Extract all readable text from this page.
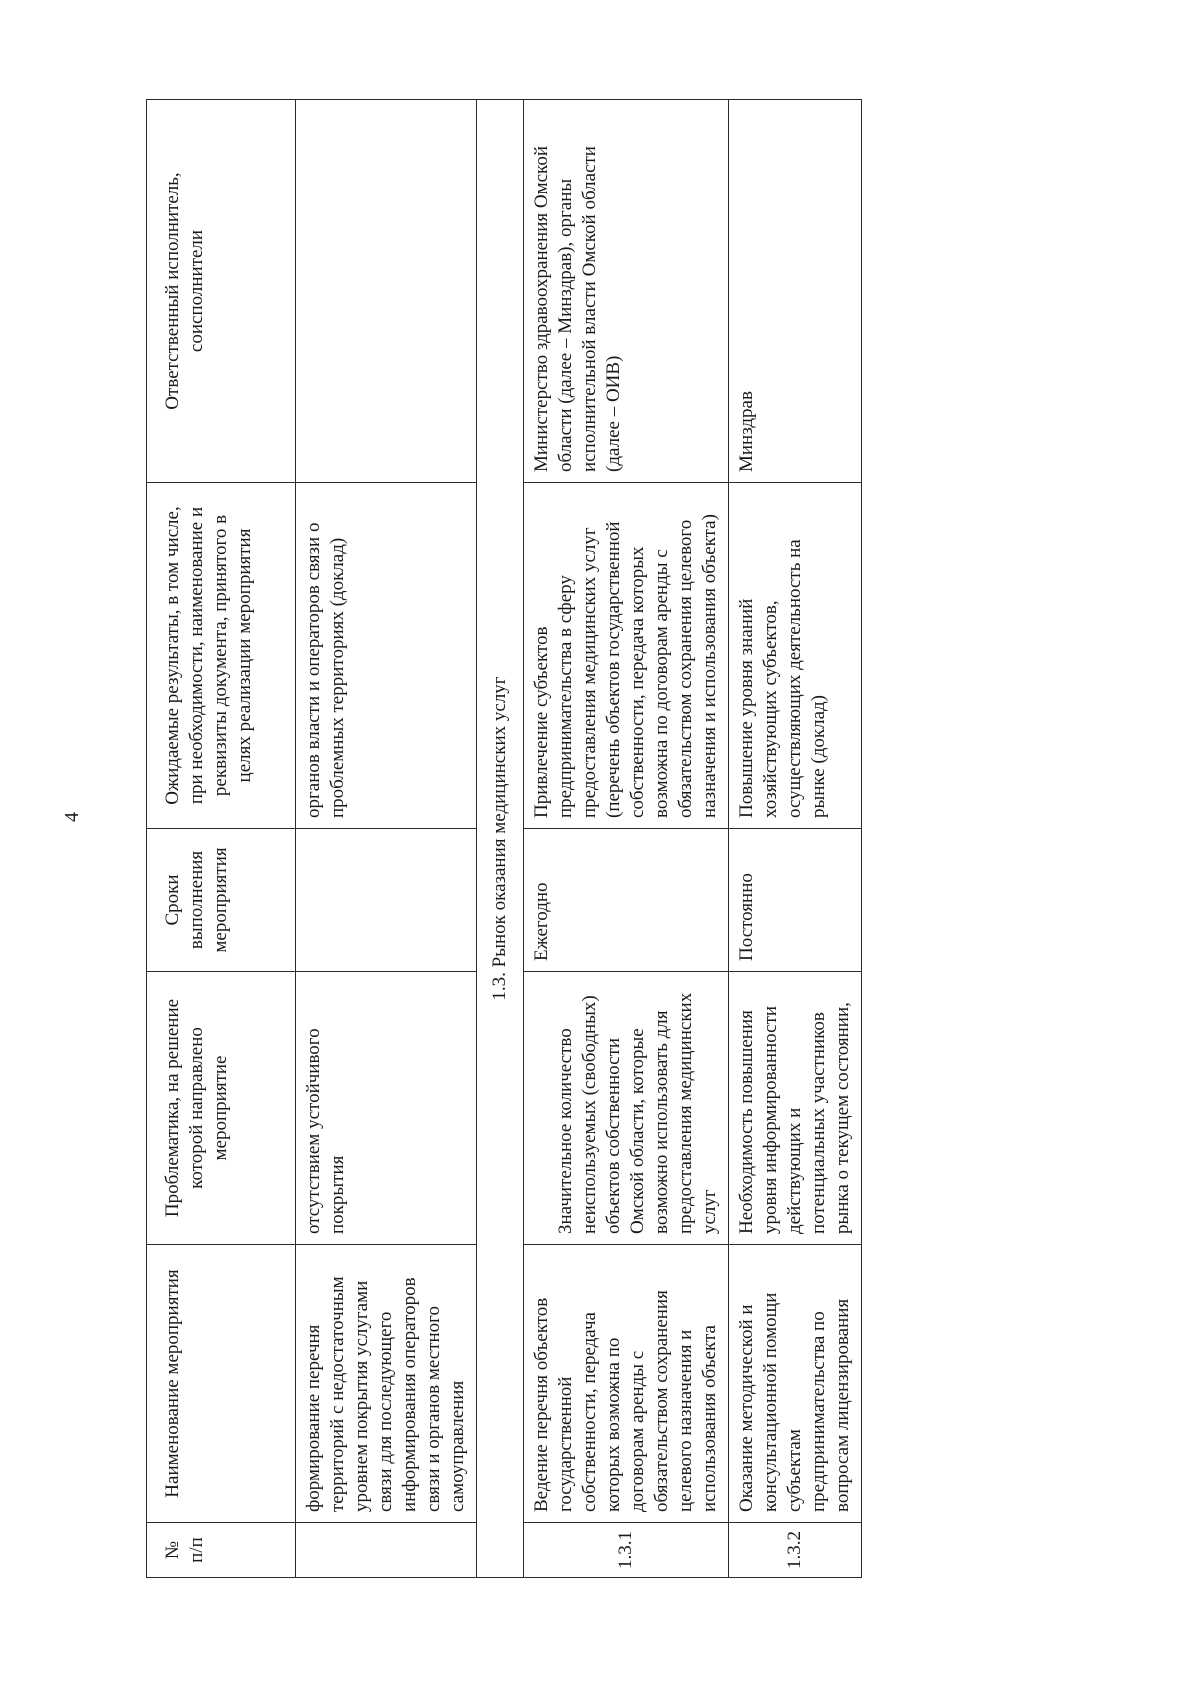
4
№ п/п	Наименование мероприятия	Проблематика, на решение которой направлено мероприятие	Сроки выполнения мероприятия	Ожидаемые результаты, в том числе, при необходимости, наименование и реквизиты документа, принятого в целях реализации мероприятия	Ответственный исполнитель, соисполнители
	формирование перечня территорий с недостаточным уровнем покрытия услугами связи для последующего информирования операторов связи и органов местного самоуправления	отсутствием устойчивого покрытия		органов власти и операторов связи о проблемных территориях (доклад)	
1.3. Рынок оказания медицинских услуг					
1.3.1	Ведение перечня объектов государственной собственности, передача которых возможна по договорам аренды с обязательством сохранения целевого назначения и использования объекта	Значительное количество неиспользуемых (свободных) объектов собственности Омской области, которые возможно использовать для предоставления медицинских услуг	Ежегодно	Привлечение субъектов предпринимательства в сферу предоставления медицинских услуг (перечень объектов государственной собственности, передача которых возможна по договорам аренды с обязательством сохранения целевого назначения и использования объекта)	Министерство здравоохранения Омской области (далее – Минздрав), органы исполнительной власти Омской области (далее – ОИВ)
1.3.2	Оказание методической и консультационной помощи субъектам предпринимательства по вопросам лицензирования	Необходимость повышения уровня информированности действующих и потенциальных участников рынка о текущем состоянии,	Постоянно	Повышение уровня знаний хозяйствующих субъектов, осуществляющих деятельность на рынке (доклад)	Минздрав
